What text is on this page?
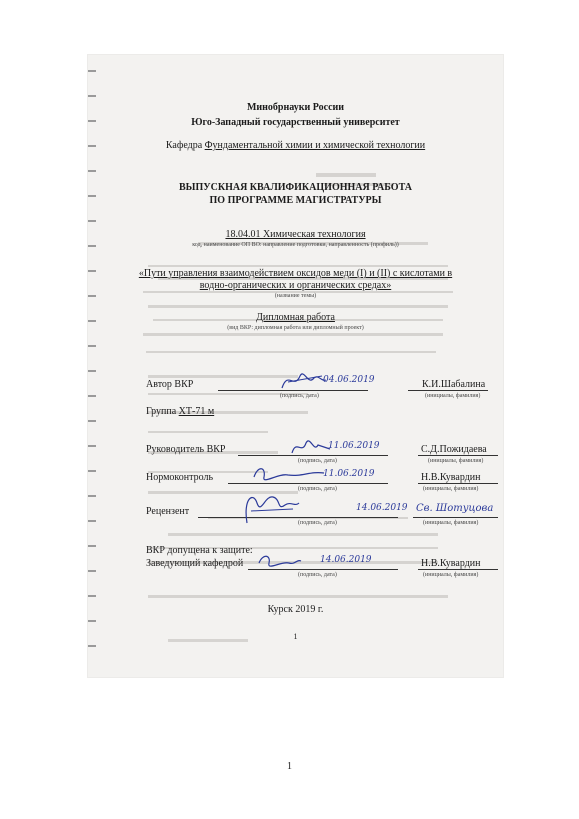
Минобрнауки России
Юго-Западный государственный университет
Кафедра Фундаментальной химии и химической технологии
ВЫПУСКНАЯ КВАЛИФИКАЦИОННАЯ РАБОТА
ПО ПРОГРАММЕ МАГИСТРАТУРЫ
18.04.01 Химическая технология
код, наименование ОП ВО: направление подготовки, направленность (профиль))
«Пути управления взаимодействием оксидов меди (I) и (II) с кислотами в
водно-органических и органических средах»
(название темы)
Дипломная работа
(вид ВКР: дипломная работа или дипломный проект)
Автор ВКР	04.06.2019
(подпись, дата)
К.И.Шабалина
(инициалы, фамилия)
Группа ХТ-71 м
Руководитель ВКР	11.06.2019
(подпись, дата)
С.Д.Пожидаева
(инициалы, фамилия)
Нормоконтроль	11.06.2019
(подпись, дата)
Н.В.Кувардин
(инициалы, фамилия)
Рецензент	14.06.2019
(подпись, дата)
Св. Шотуцова
(инициалы, фамилия)
ВКР допущена к защите:
Заведующий кафедрой	14.06.2019
(подпись, дата)
Н.В.Кувардин
(инициалы, фамилия)
Курск 2019 г.
1
1
